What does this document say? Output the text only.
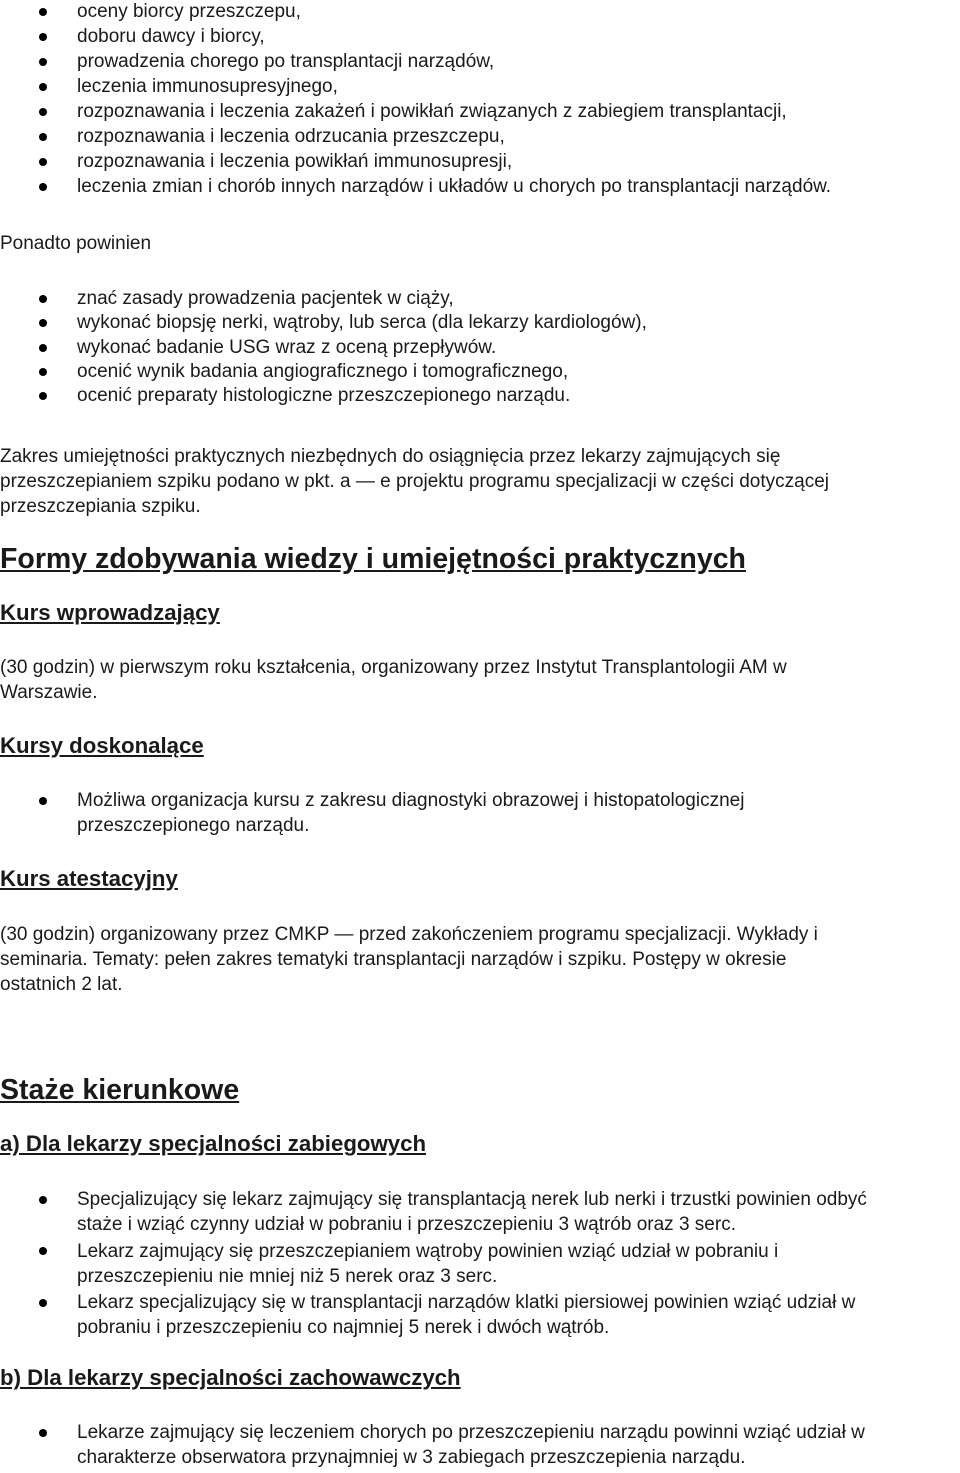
oceny biorcy przeszczepu,
doboru dawcy i biorcy,
prowadzenia chorego po transplantacji narządów,
leczenia immunosupresyjnego,
rozpoznawania i leczenia zakażeń i powikłań związanych z zabiegiem transplantacji,
rozpoznawania i leczenia odrzucania przeszczepu,
rozpoznawania i leczenia powikłań immunosupresji,
leczenia zmian i chorób innych narządów i układów u chorych po transplantacji narządów.

Ponadto powinien

znać zasady prowadzenia pacjentek w ciąży,
wykonać biopsję nerki, wątroby, lub serca (dla lekarzy kardiologów),
wykonać badanie USG wraz z oceną przepływów.
ocenić wynik badania angiograficznego i tomograficznego,
ocenić preparaty histologiczne przeszczepionego narządu.

Zakres umiejętności praktycznych niezbędnych do osiągnięcia przez lekarzy zajmujących się

przeszczepianiem szpiku podano w pkt. a — e projektu programu specjalizacji w części dotyczącej

przeszczepiania szpiku.

Formy zdobywania wiedzy i umiejętności praktycznych
Kurs wprowadzający

(30 godzin) w pierwszym roku kształcenia, organizowany przez Instytut Transplantologii AM w

Warszawie.

Kursy doskonalące
Możliwa organizacja kursu z zakresu diagnostyki obrazowej i histopatologicznej
przeszczepionego narządu.
Kurs atestacyjny

(30 godzin) organizowany przez CMKP — przed zakończeniem programu specjalizacji. Wykłady i

seminaria. Tematy: pełen zakres tematyki transplantacji narządów i szpiku. Postępy w okresie

ostatnich 2 lat.

Staże kierunkowe
a) Dla lekarzy specjalności zabiegowych
Specjalizujący się lekarz zajmujący się transplantacją nerek lub nerki i trzustki powinien odbyć
staże i wziąć czynny udział w pobraniu i przeszczepieniu 3 wątrób oraz 3 serc.
Lekarz zajmujący się przeszczepianiem wątroby powinien wziąć udział w pobraniu i
przeszczepieniu nie mniej niż 5 nerek oraz 3 serc.
Lekarz specjalizujący się w transplantacji narządów klatki piersiowej powinien wziąć udział w
pobraniu i przeszczepieniu co najmniej 5 nerek i dwóch wątrób.
b) Dla lekarzy specjalności zachowawczych
Lekarze zajmujący się leczeniem chorych po przeszczepieniu narządu powinni wziąć udział w
charakterze obserwatora przynajmniej w 3 zabiegach przeszczepienia narządu.
